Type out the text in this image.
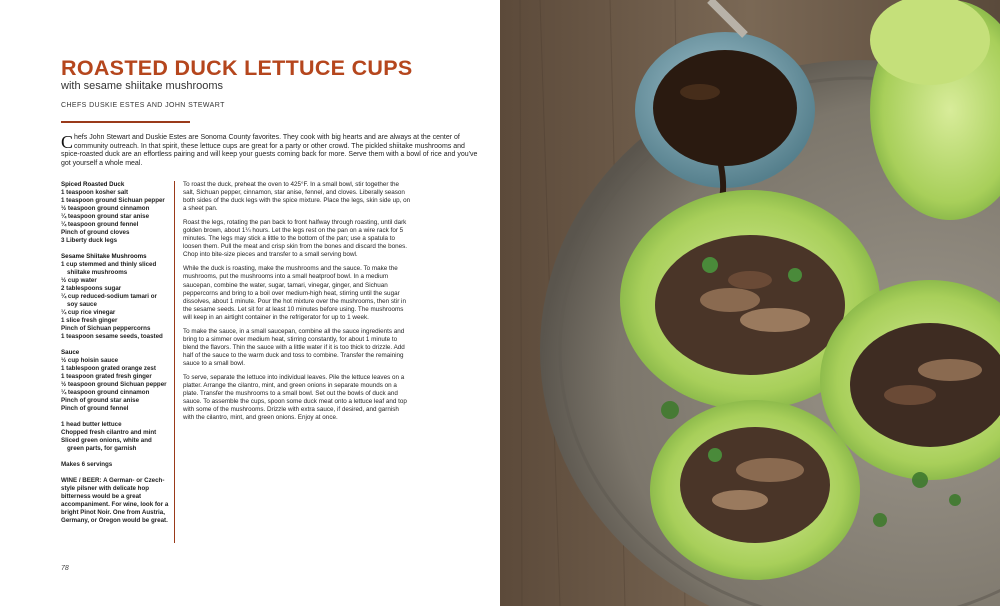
ROASTED DUCK LETTUCE CUPS
with sesame shiitake mushrooms
CHEFS DUSKIE ESTES AND JOHN STEWART
Chefs John Stewart and Duskie Estes are Sonoma County favorites. They cook with big hearts and are always at the center of community outreach. In that spirit, these lettuce cups are great for a party or other crowd. The pickled shiitake mushrooms and spice-roasted duck are an effortless pairing and will keep your guests coming back for more. Serve them with a bowl of rice and you've got yourself a whole meal.
Spiced Roasted Duck
1 teaspoon kosher salt
1 teaspoon ground Sichuan pepper
½ teaspoon ground cinnamon
¼ teaspoon ground star anise
¼ teaspoon ground fennel
Pinch of ground cloves
3 Liberty duck legs
Sesame Shiitake Mushrooms
1 cup stemmed and thinly sliced
shiitake mushrooms
½ cup water
2 tablespoons sugar
¼ cup reduced-sodium tamari or
soy sauce
¼ cup rice vinegar
1 slice fresh ginger
Pinch of Sichuan peppercorns
1 teaspoon sesame seeds, toasted
Sauce
½ cup hoisin sauce
1 tablespoon grated orange zest
1 teaspoon grated fresh ginger
½ teaspoon ground Sichuan pepper
¼ teaspoon ground cinnamon
Pinch of ground star anise
Pinch of ground fennel
1 head butter lettuce
Chopped fresh cilantro and mint
Sliced green onions, white and
green parts, for garnish
Makes 6 servings
WINE / BEER: A German- or Czech-style pilsner with delicate hop bitterness would be a great accompaniment. For wine, look for a bright Pinot Noir. One from Austria, Germany, or Oregon would be great.

To roast the duck, preheat the oven to 425°F. In a small bowl, stir together the salt, Sichuan pepper, cinnamon, star anise, fennel, and cloves. Liberally season both sides of the duck legs with the spice mixture. Place the legs, skin side up, on a sheet pan.

Roast the legs, rotating the pan back to front halfway through roasting, until dark golden brown, about 1¼ hours. Let the legs rest on the pan on a wire rack for 5 minutes. The legs may stick a little to the bottom of the pan; use a spatula to loosen them. Pull the meat and crisp skin from the bones and discard the bones. Chop into bite-size pieces and transfer to a small serving bowl.

While the duck is roasting, make the mushrooms and the sauce. To make the mushrooms, put the mushrooms into a small heatproof bowl. In a medium saucepan, combine the water, sugar, tamari, vinegar, ginger, and Sichuan peppercorns and bring to a boil over medium-high heat, stirring until the sugar dissolves, about 1 minute. Pour the hot mixture over the mushrooms, then stir in the sesame seeds. Let sit for at least 10 minutes before using. The mushrooms will keep in an airtight container in the refrigerator for up to 1 week.

To make the sauce, in a small saucepan, combine all the sauce ingredients and bring to a simmer over medium heat, stirring constantly, for about 1 minute to blend the flavors. Thin the sauce with a little water if it is too thick to drizzle. Add half of the sauce to the warm duck and toss to combine. Transfer the remaining sauce to a small bowl.

To serve, separate the lettuce into individual leaves. Pile the lettuce leaves on a platter. Arrange the cilantro, mint, and green onions in separate mounds on a plate. Transfer the mushrooms to a small bowl. Set out the bowls of duck and sauce. To assemble the cups, spoon some duck meat onto a lettuce leaf and top with some of the mushrooms. Drizzle with extra sauce, if desired, and garnish with the cilantro, mint, and green onions. Enjoy at once.

78
